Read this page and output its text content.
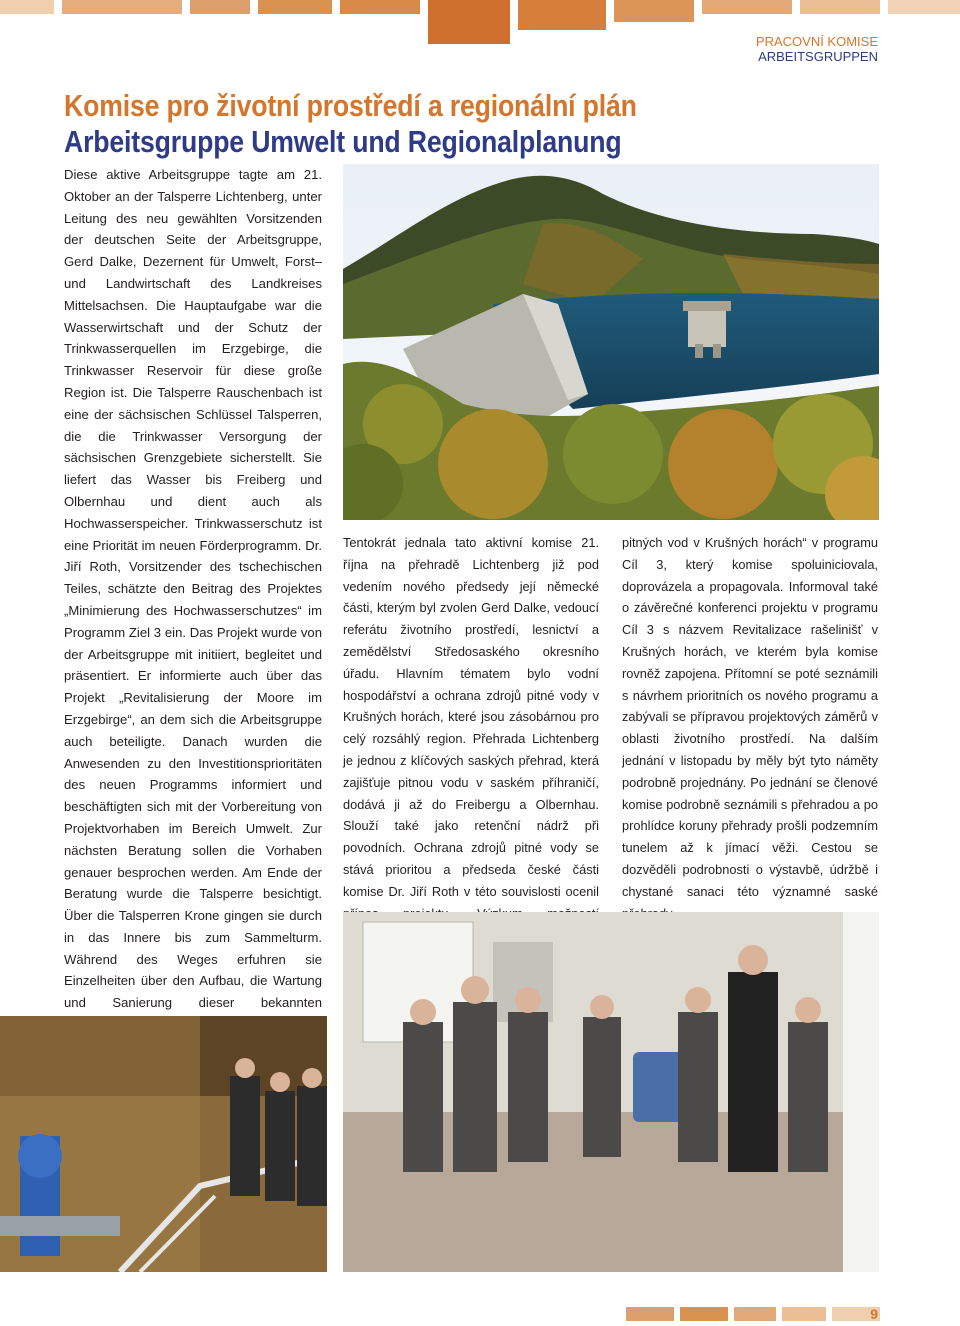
PRACOVNÍ KOMISE
ARBEITSGRUPPEN
Komise pro životní prostředí a regionální plán
Arbeitsgruppe Umwelt und Regionalplanung
Diese aktive Arbeitsgruppe tagte am 21. Oktober an der Talsperre Lichtenberg, unter Leitung des neu gewählten Vorsitzenden der deutschen Seite der Arbeitsgruppe, Gerd Dalke, Dezernent für Umwelt, Forst– und Landwirtschaft des Landkreises Mittelsachsen. Die Hauptaufgabe war die Wasserwirtschaft und der Schutz der Trinkwasserquellen im Erzgebirge, die Trinkwasser Reservoir für diese große Region ist. Die Talsperre Rauschenbach ist eine der sächsischen Schlüssel Talsperren, die die Trinkwasser Versorgung der sächsischen Grenzgebiete sicherstellt. Sie liefert das Wasser bis Freiberg und Olbernhau und dient auch als Hochwasserspeicher. Trinkwasserschutz ist eine Priorität im neuen Förderprogramm. Dr. Jiří Roth, Vorsitzender des tschechischen Teiles, schätzte den Beitrag des Projektes „Minimierung des Hochwasserschutzes“ im Programm Ziel 3 ein. Das Projekt wurde von der Arbeitsgruppe mit initiiert, begleitet und präsentiert. Er informierte auch über das Projekt „Revitalisierung der Moore im Erzgebirge“, an dem sich die Arbeitsgruppe auch beteiligte. Danach wurden die Anwesenden zu den Investitionsprioritäten des neuen Programms informiert und beschäftigten sich mit der Vorbereitung von Projektvorhaben im Bereich Umwelt. Zur nächsten Beratung sollen die Vorhaben genauer besprochen werden. Am Ende der Beratung wurde die Talsperre besichtigt. Über die Talsperren Krone gingen sie durch in das Innere bis zum Sammelturm. Während des Weges erfuhren sie Einzelheiten über den Aufbau, die Wartung und Sanierung dieser bekannten
Tentokrát jednala tato aktivní komise 21. října na přehradě Lichtenberg již pod vedením nového předsedy její německé části, kterým byl zvolen Gerd Dalke, vedoucí referátu životního prostředí, lesnictví a zemědělství Středosaského okresního úřadu. Hlavním tématem bylo vodní hospodářství a ochrana zdrojů pitné vody v Krušných horách, které jsou zásobárnou pro celý rozsáhlý region. Přehrada Lichtenberg je jednou z klíčových saských přehrad, která zajišťuje pitnou vodu v saském příhraničí, dodává ji až do Freibergu a Olbernhau. Slouží také jako retenční nádrž při povodních. Ochrana zdrojů pitné vody se stává prioritou a předseda české části komise Dr. Jiří Roth v této souvislosti ocenil
pitných vod v Krušných horách“ v programu Cíl 3, který komise spoluiniciovala, doprovázela a propagovala. Informoval také o závěrečné konferenci projektu v programu Cíl 3 s názvem Revitalizace rašelinišť v Krušných horách, ve kterém byla komise rovněž zapojena. Přítomní se poté seznámili s návrhem prioritních os nového programu a zabývali se přípravou projektových záměrů v oblasti životního prostředí. Na dalším jednání v listopadu by měly být tyto náměty podrobně projednány. Po jednání se členové komise podrobně seznámili s přehradou a po prohlídce koruny přehrady prošli podzemním tunelem až k jímací věži. Cestou se dozvěděli podrobnosti o výstavbě, údržbě i chystané sanaci této významné saské
9
